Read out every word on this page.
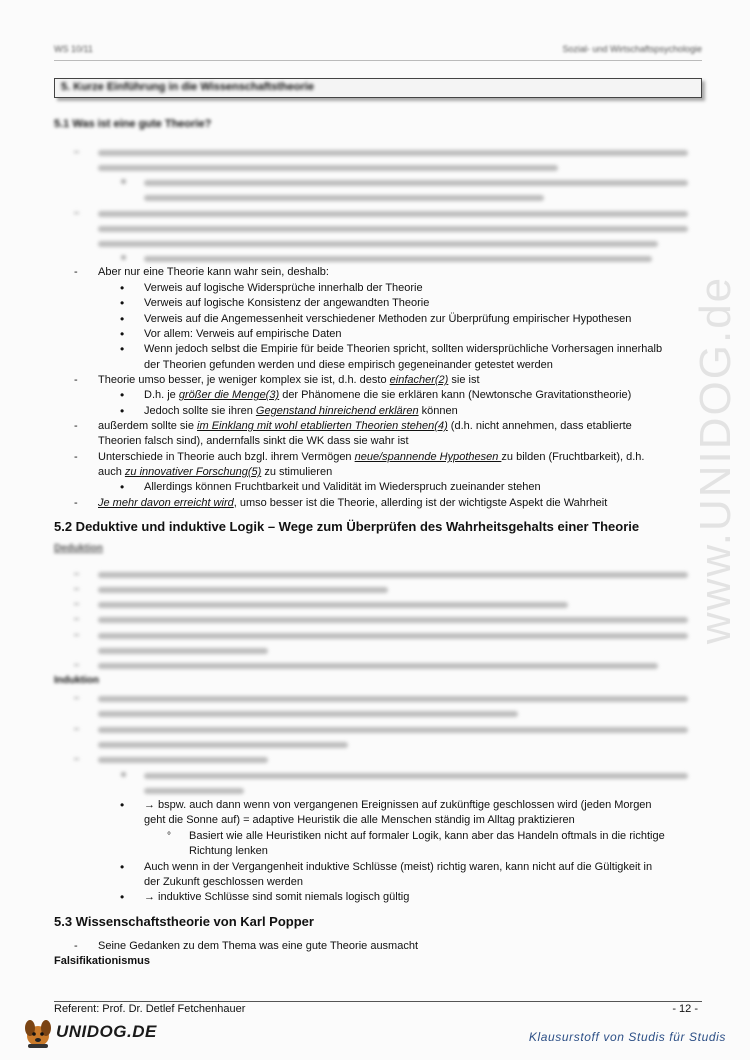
WS 10/11	Sozial- und Wirtschaftspsychologie
5. Kurze Einführung in die Wissenschaftstheorie
www.UNIDOG.de
5.1 Was ist eine gute Theorie?
- Aber nur eine Theorie kann wahr sein, deshalb:
• Verweis auf logische Widersprüche innerhalb der Theorie
• Verweis auf logische Konsistenz der angewandten Theorie
• Verweis auf die Angemessenheit verschiedener Methoden zur Überprüfung empirischer Hypothesen
• Vor allem: Verweis auf empirische Daten
• Wenn jedoch selbst die Empirie für beide Theorien spricht, sollten widersprüchliche Vorhersagen innerhalb
der Theorien gefunden werden und diese empirisch gegeneinander getestet werden
- Theorie umso besser, je weniger komplex sie ist, d.h. desto einfacher(2) sie ist
• D.h. je größer die Menge(3) der Phänomene die sie erklären kann (Newtonsche Gravitationstheorie)
• Jedoch sollte sie ihren Gegenstand hinreichend erklären können
- außerdem sollte sie im Einklang mit wohl etablierten Theorien stehen(4) (d.h. nicht annehmen, dass etablierte
Theorien falsch sind), andernfalls sinkt die WK dass sie wahr ist
- Unterschiede in Theorie auch bzgl. ihrem Vermögen neue/spannende Hypothesen zu bilden (Fruchtbarkeit), d.h.
auch zu innovativer Forschung(5) zu stimulieren
• Allerdings können Fruchtbarkeit und Validität im Wiederspruch zueinander stehen
- Je mehr davon erreicht wird, umso besser ist die Theorie, allerding ist der wichtigste Aspekt die Wahrheit
5.2 Deduktive und induktive Logik – Wege zum Überprüfen des Wahrheitsgehalts einer Theorie
Deduktion
Induktion
• → bspw. auch dann wenn von vergangenen Ereignissen auf zukünftige geschlossen wird (jeden Morgen
geht die Sonne auf) = adaptive Heuristik die alle Menschen ständig im Alltag praktizieren
° Basiert wie alle Heuristiken nicht auf formaler Logik, kann aber das Handeln oftmals in die richtige
Richtung lenken
• Auch wenn in der Vergangenheit induktive Schlüsse (meist) richtig waren, kann nicht auf die Gültigkeit in
der Zukunft geschlossen werden
• → induktive Schlüsse sind somit niemals logisch gültig
5.3 Wissenschaftstheorie von Karl Popper
- Seine Gedanken zu dem Thema was eine gute Theorie ausmacht
Falsifikationismus
Referent: Prof. Dr. Detlef Fetchenhauer	- 12 -
UNIDOG.DE	Klausurstoff von Studis für Studis
